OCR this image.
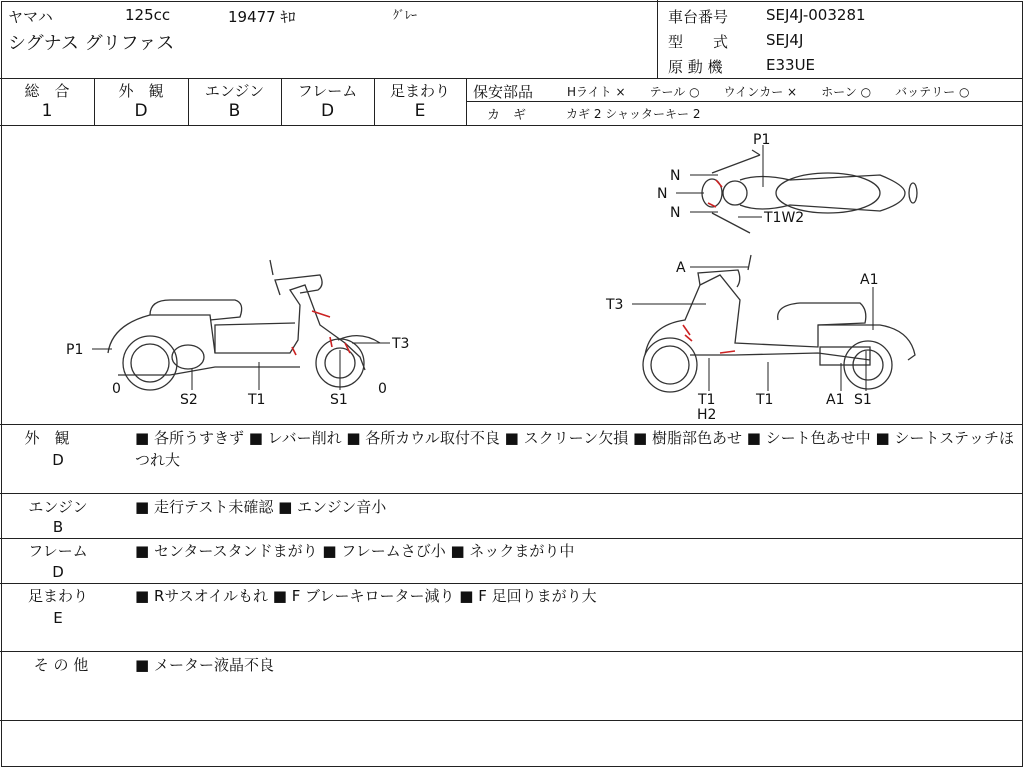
ヤマハ	125cc	19477 ｷﾛ	ｸﾞﾚｰ
シグナス グリファス
車台番号	SEJ4J-003281
型　　式	SEJ4J
原 動 機	E33UE
総　合
1
外　観
D
エンジン
B
フレーム
D
足まわり
E
保安部品	Hライト ×　　テール ○　　ウインカー ×　　ホーン ○　　バッテリー ○
カ　ギ	カギ 2 シャッターキー 2
P1
0
S2	T1	S1
0
T3
P1
N
N
N	T1W2
A
T3
A1
T1
H2
T1	A1 S1
外　観
D
■ 各所うすきず ■ レバー削れ ■ 各所カウル取付不良 ■ スクリーン欠損 ■ 樹脂部色あせ ■ シート色あせ中 ■ シートステッチほつれ大
エンジン
B
■ 走行テスト未確認 ■ エンジン音小
フレーム
D
■ センタースタンドまがり ■ フレームさび小 ■ ネックまがり中
足まわり
E
■ Rサスオイルもれ ■ F ブレーキローター減り ■ F 足回りまがり大
そ の 他	■ メーター液晶不良
